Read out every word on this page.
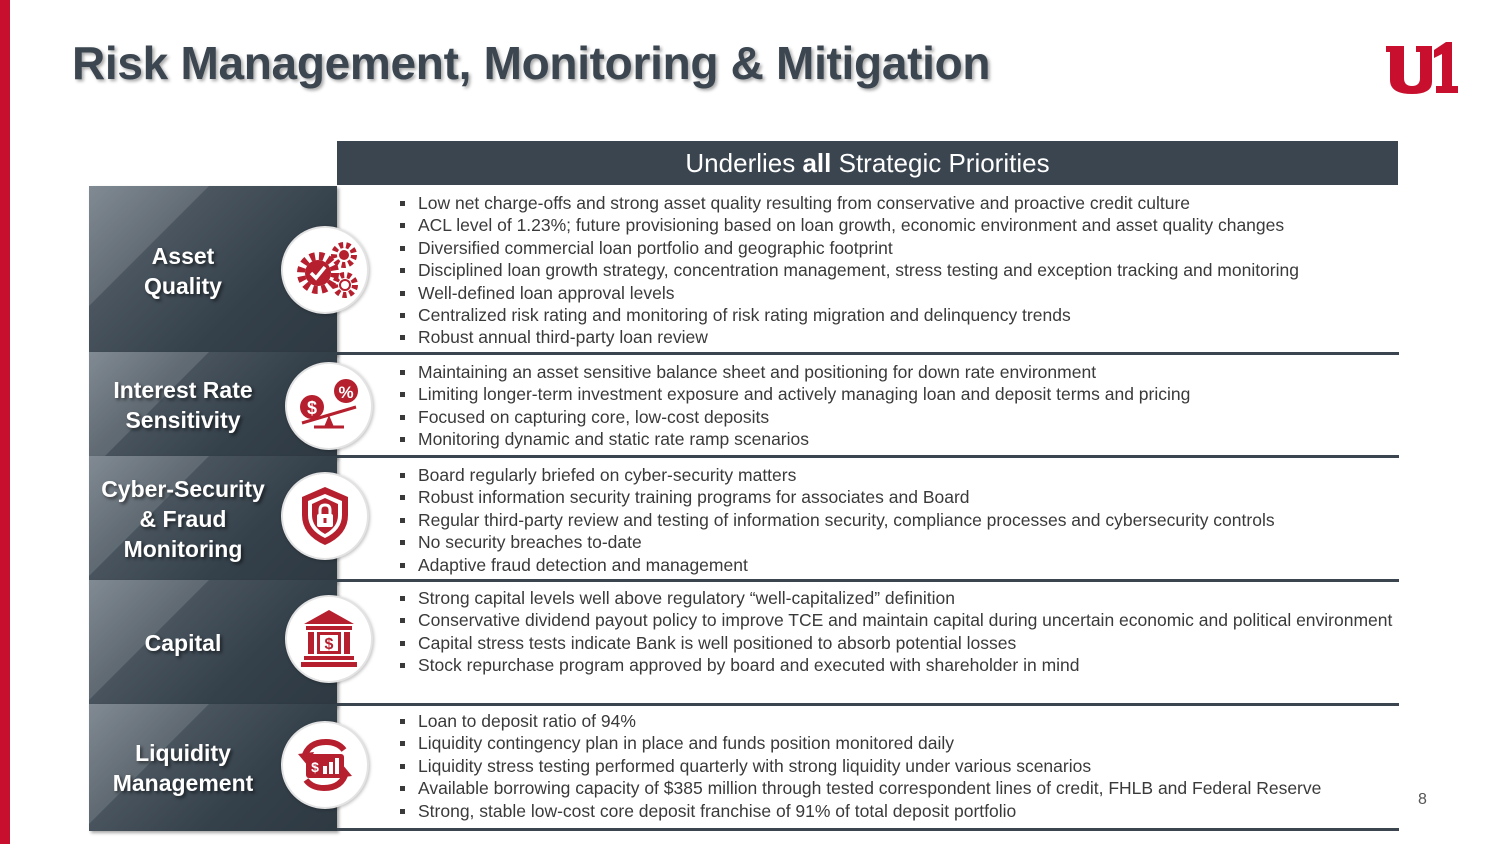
Risk Management, Monitoring & Mitigation
Underlies all Strategic Priorities
Asset
Quality
Low net charge-offs and strong asset quality resulting from conservative and proactive credit culture
ACL level of 1.23%; future provisioning based on loan growth, economic environment and asset quality changes
Diversified commercial loan portfolio and geographic footprint
Disciplined loan growth strategy, concentration management, stress testing and exception tracking and monitoring
Well-defined loan approval levels
Centralized risk rating and monitoring of risk rating migration and delinquency trends
Robust annual third-party loan review
Interest Rate
Sensitivity	$
%
Maintaining an asset sensitive balance sheet and positioning for down rate environment
Limiting longer-term investment exposure and actively managing loan and deposit terms and pricing
Focused on capturing core, low-cost deposits
Monitoring dynamic and static rate ramp scenarios
Cyber-Security
& Fraud
Monitoring
Board regularly briefed on cyber-security matters
Robust information security training programs for associates and Board
Regular third-party review and testing of information security, compliance processes and cybersecurity controls
No security breaches to-date
Adaptive fraud detection and management
Capital	$
Strong capital levels well above regulatory “well-capitalized” definition
Conservative dividend payout policy to improve TCE and maintain capital during uncertain economic and political environment
Capital stress tests indicate Bank is well positioned to absorb potential losses
Stock repurchase program approved by board and executed with shareholder in mind
Liquidity
Management
$
Loan to deposit ratio of 94%
Liquidity contingency plan in place and funds position monitored daily
Liquidity stress testing performed quarterly with strong liquidity under various scenarios
Available borrowing capacity of $385 million through tested correspondent lines of credit, FHLB and Federal Reserve
Strong, stable low-cost core deposit franchise of 91% of total deposit portfolio
8
